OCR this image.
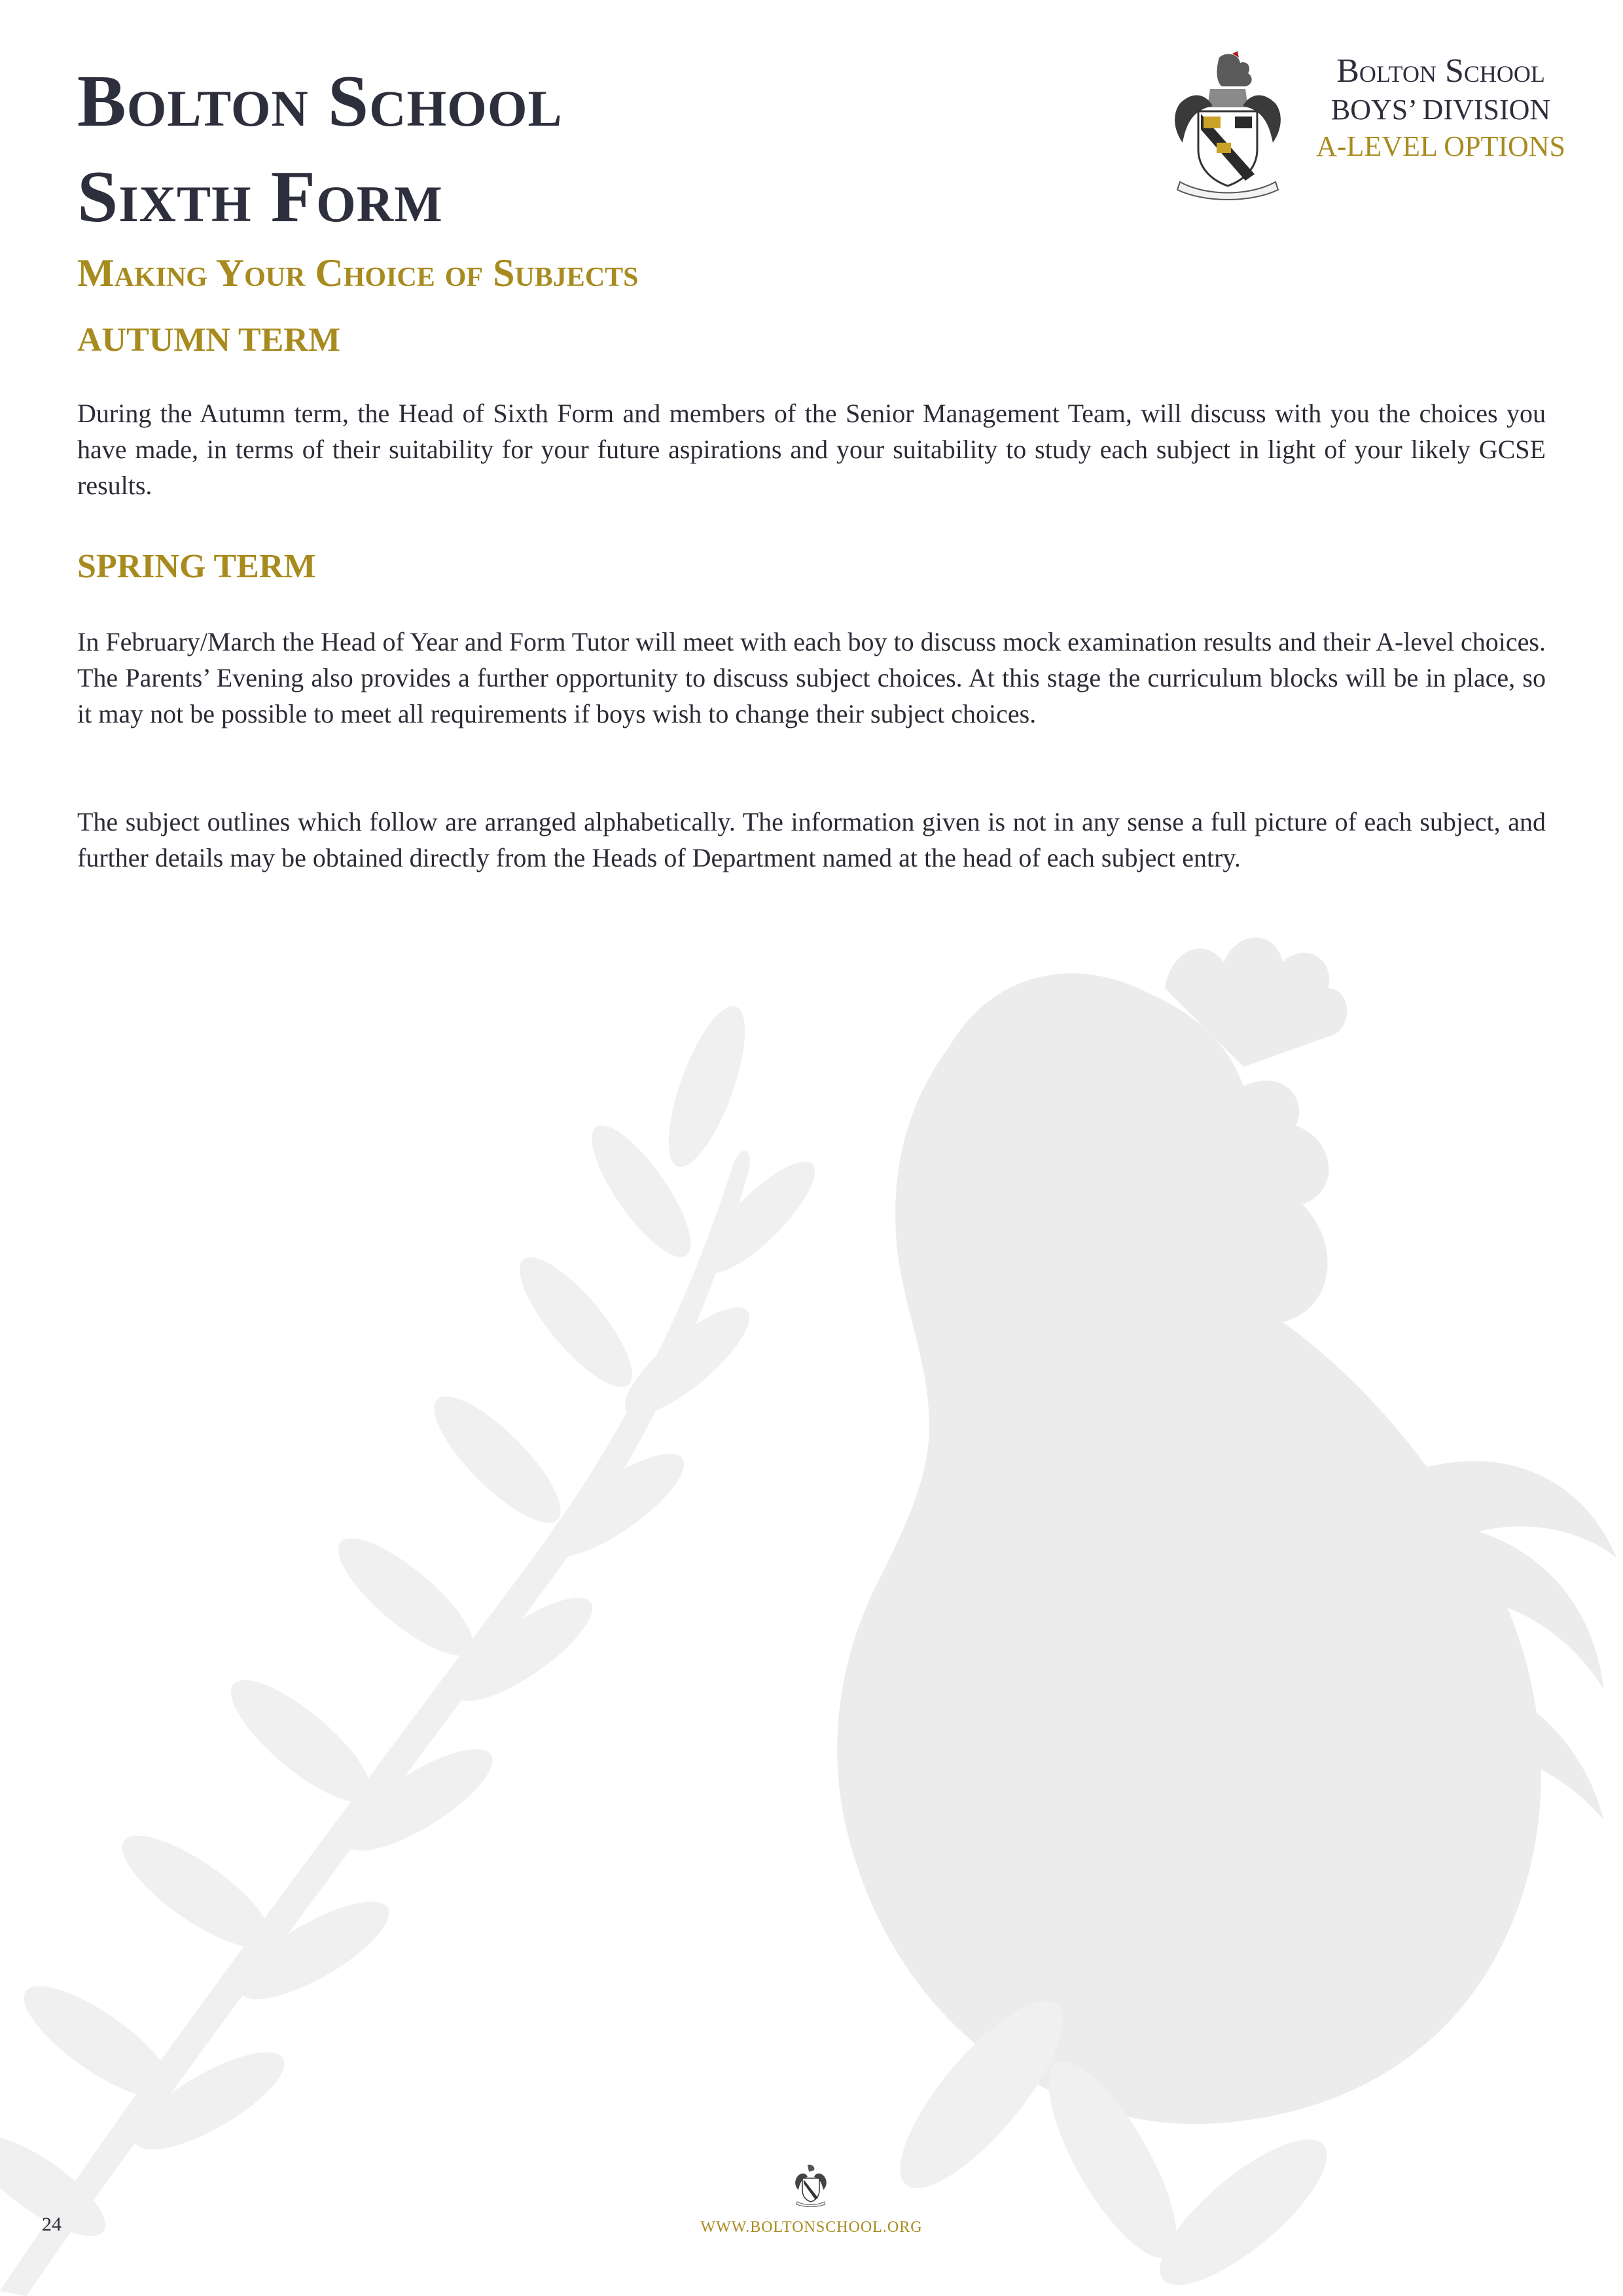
Bolton School
Sixth Form
Making Your Choice of Subjects
Bolton School
BOYS’ DIVISION
A-LEVEL OPTIONS
AUTUMN TERM

During the Autumn term, the Head of Sixth Form and members of the Senior Management Team, will discuss with you the choices you have made, in terms of their suitability for your future aspirations and your suitability to study each subject in light of your likely GCSE results.

SPRING TERM

In February/March the Head of Year and Form Tutor will meet with each boy to discuss mock examination results and their A-level choices. The Parents’ Evening also provides a further opportunity to discuss subject choices. At this stage the curriculum blocks will be in place, so it may not be possible to meet all requirements if boys wish to change their subject choices.

The subject outlines which follow are arranged alphabetically. The information given is not in any sense a full picture of each subject, and further details may be obtained directly from the Heads of Department named at the head of each subject entry.

24	WWW.BOLTONSCHOOL.ORG
